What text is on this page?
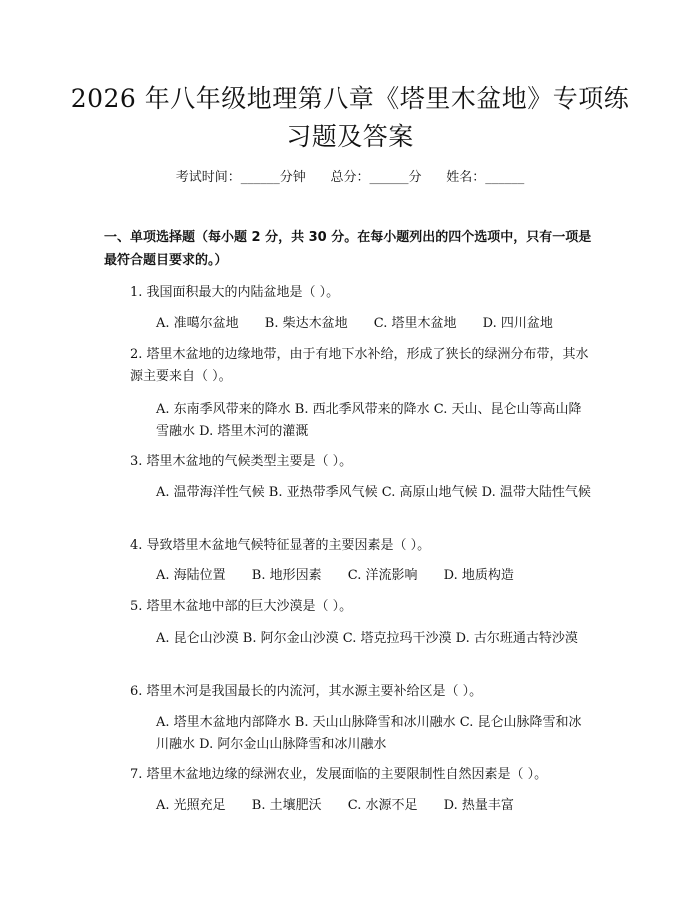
2026 年八年级地理第八章《塔里木盆地》专项练习题及答案
考试时间：______分钟      总分：______分      姓名：______
一、单项选择题（每小题 2 分，共 30 分。在每小题列出的四个选项中，只有一项是最符合题目要求的。）
1. 我国面积最大的内陆盆地是（ ）。
A. 准噶尔盆地 B. 柴达木盆地 C. 塔里木盆地 D. 四川盆地
2. 塔里木盆地的边缘地带，由于有地下水补给，形成了狭长的绿洲分布带，其水源主要来自（ ）。
A. 东南季风带来的降水 B. 西北季风带来的降水 C. 天山、昆仑山等高山降雪融水 D. 塔里木河的灌溉
3. 塔里木盆地的气候类型主要是（ ）。
A. 温带海洋性气候 B. 亚热带季风气候 C. 高原山地气候 D. 温带大陆性气候
4. 导致塔里木盆地气候特征显著的主要因素是（ ）。
A. 海陆位置 B. 地形因素 C. 洋流影响 D. 地质构造
5. 塔里木盆地中部的巨大沙漠是（ ）。
A. 昆仑山沙漠 B. 阿尔金山沙漠 C. 塔克拉玛干沙漠 D. 古尔班通古特沙漠
6. 塔里木河是我国最长的内流河，其水源主要补给区是（ ）。
A. 塔里木盆地内部降水 B. 天山山脉降雪和冰川融水 C. 昆仑山脉降雪和冰川融水 D. 阿尔金山山脉降雪和冰川融水
7. 塔里木盆地边缘的绿洲农业，发展面临的主要限制性自然因素是（ ）。
A. 光照充足 B. 土壤肥沃 C. 水源不足 D. 热量丰富
